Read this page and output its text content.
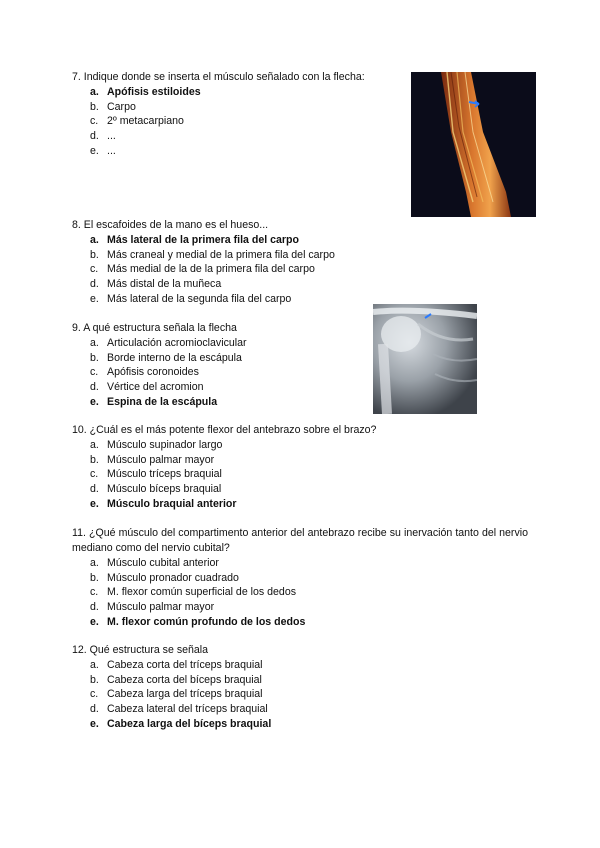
7. Indique donde se inserta el músculo señalado con la flecha:

a. Apófisis estiloides
b. Carpo
c. 2º metacarpiano
d. ...
e. ...

8. El escafoides de la mano es el hueso...

a. Más lateral de la primera fila del carpo
b. Más craneal y medial de la primera fila del carpo
c. Más medial de la de la primera fila del carpo
d. Más distal de la muñeca
e. Más lateral de la segunda fila del carpo

9. A qué estructura señala la flecha

a. Articulación acromioclavicular
b. Borde interno de la escápula
c. Apófisis coronoides
d. Vértice del acromion
e. Espina de la escápula

10. ¿Cuál es el más potente flexor del antebrazo sobre el brazo?

a. Músculo supinador largo
b. Músculo palmar mayor
c. Músculo tríceps braquial
d. Músculo bíceps braquial
e. Músculo braquial anterior

11. ¿Qué músculo del compartimento anterior del antebrazo recibe su inervación tanto del nervio mediano como del nervio cubital?

a. Músculo cubital anterior
b. Músculo pronador cuadrado
c. M. flexor común superficial de los dedos
d. Músculo palmar mayor
e. M. flexor común profundo de los dedos

12. Qué estructura se señala

a. Cabeza corta del tríceps braquial
b. Cabeza corta del bíceps braquial
c. Cabeza larga del tríceps braquial
d. Cabeza lateral del tríceps braquial
e. Cabeza larga del bíceps braquial
